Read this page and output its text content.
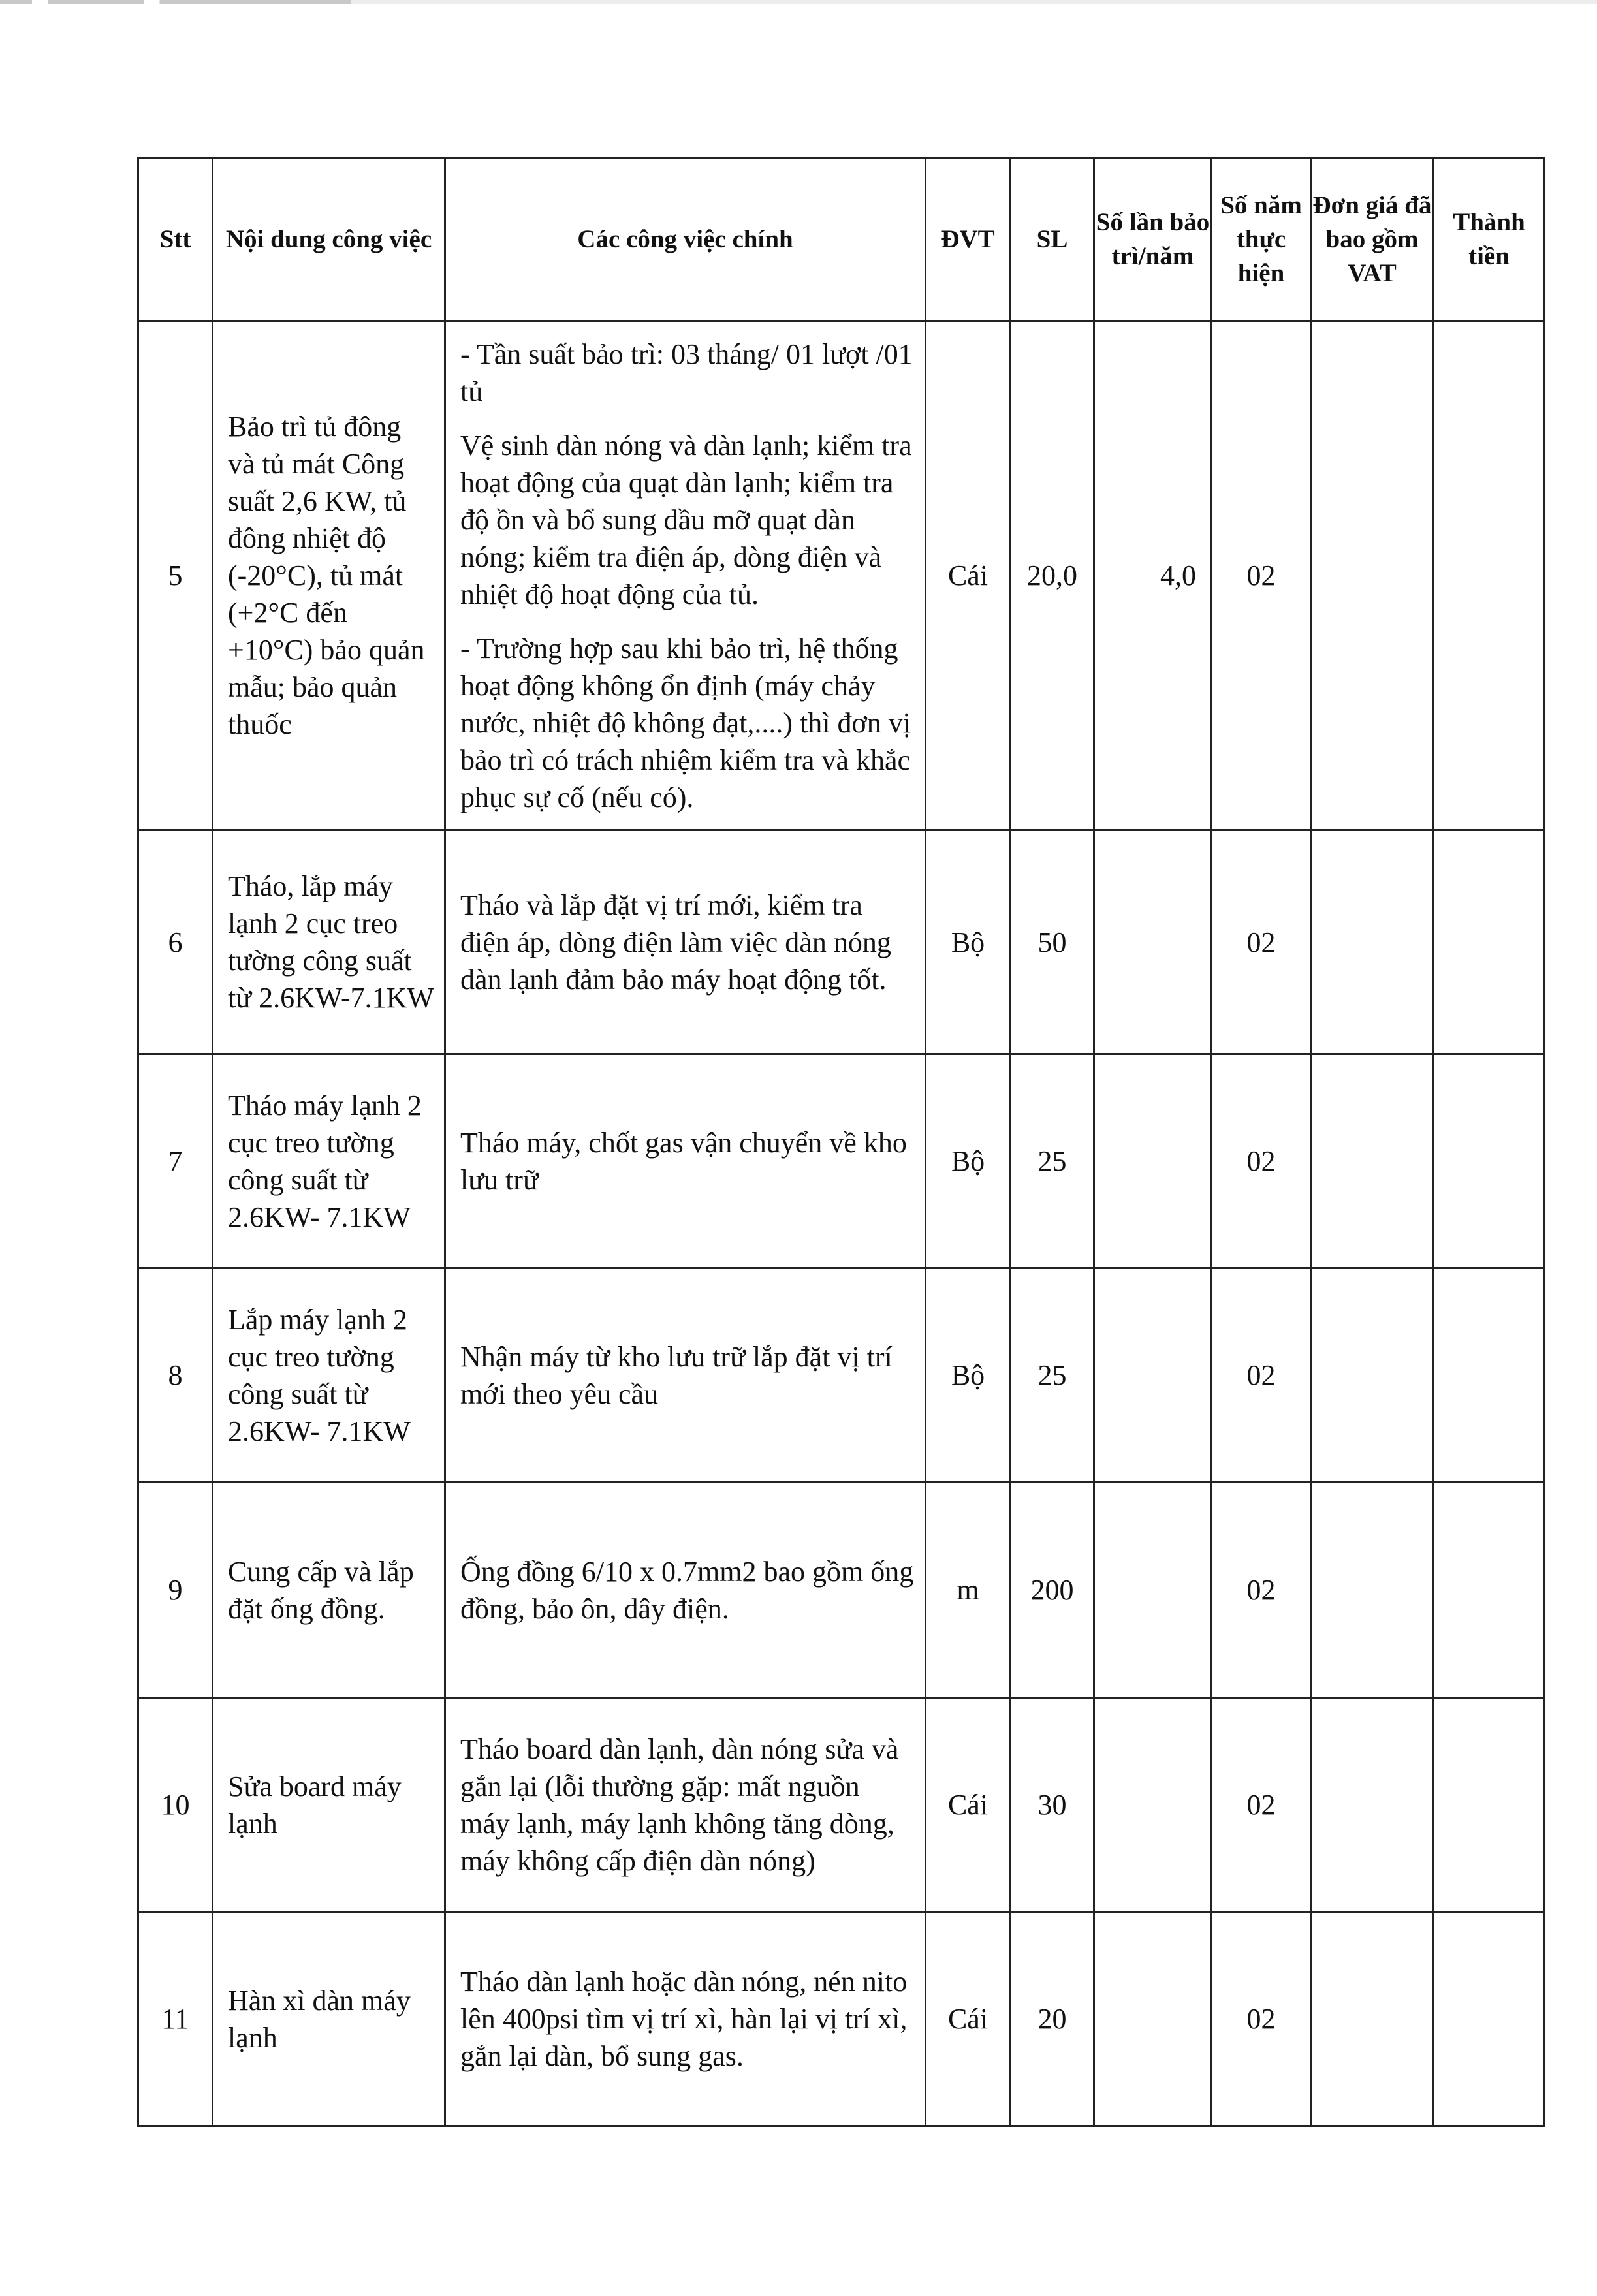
Stt	Nội dung công việc	Các công việc chính	ĐVT	SL	Số lần bảo trì/năm	Số năm thực hiện	Đơn giá đã bao gồm VAT	Thành tiền
5	Bảo trì tủ đông và tủ mát Công suất 2,6 KW, tủ đông nhiệt độ (-20°C), tủ mát (+2°C đến +10°C) bảo quản mẫu; bảo quản thuốc	- Tần suất bảo trì: 03 tháng/ 01 lượt /01 tủ
Vệ sinh dàn nóng và dàn lạnh; kiểm tra hoạt động của quạt dàn lạnh; kiểm tra độ ồn và bổ sung dầu mỡ quạt dàn nóng; kiểm tra điện áp, dòng điện và nhiệt độ hoạt động của tủ.
- Trường hợp sau khi bảo trì, hệ thống hoạt động không ổn định (máy chảy nước, nhiệt độ không đạt,....) thì đơn vị bảo trì có trách nhiệm kiểm tra và khắc phục sự cố (nếu có).	Cái	20,0	4,0	02		
6	Tháo, lắp máy lạnh 2 cục treo tường công suất từ 2.6KW-7.1KW	Tháo và lắp đặt vị trí mới, kiểm tra điện áp, dòng điện làm việc dàn nóng dàn lạnh đảm bảo máy hoạt động tốt.	Bộ	50		02		
7	Tháo máy lạnh 2 cục treo tường công suất từ 2.6KW- 7.1KW	Tháo máy, chốt gas vận chuyển về kho lưu trữ	Bộ	25		02		
8	Lắp máy lạnh 2 cục treo tường công suất từ 2.6KW- 7.1KW	Nhận máy từ kho lưu trữ lắp đặt vị trí mới theo yêu cầu	Bộ	25		02		
9	Cung cấp và lắp đặt ống đồng.	Ống đồng 6/10 x 0.7mm2 bao gồm ống đồng, bảo ôn, dây điện.	m	200		02		
10	Sửa board máy lạnh	Tháo board dàn lạnh, dàn nóng sửa và gắn lại (lỗi thường gặp: mất nguồn máy lạnh, máy lạnh không tăng dòng, máy không cấp điện dàn nóng)	Cái	30		02		
11	Hàn xì dàn máy lạnh	Tháo dàn lạnh hoặc dàn nóng, nén nito lên 400psi tìm vị trí xì, hàn lại vị trí xì, gắn lại dàn, bổ sung gas.	Cái	20		02		
